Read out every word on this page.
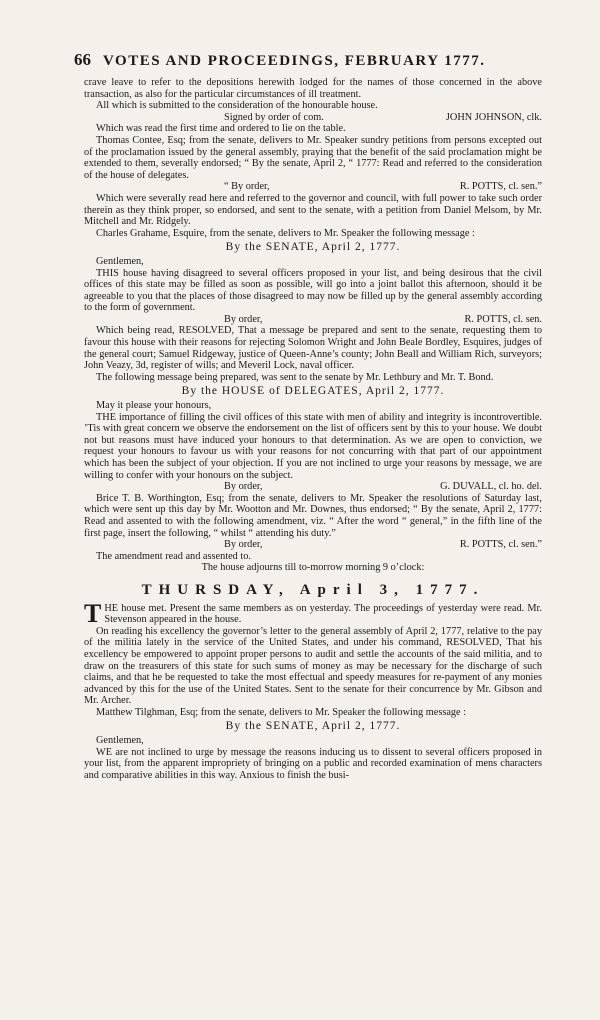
66 VOTES AND PROCEEDINGS, FEBRUARY 1777.

crave leave to refer to the depositions herewith lodged for the names of those concerned in the above transaction, as also for the particular circumstances of ill treatment.

All which is submitted to the consideration of the honourable house.

Signed by order of com.	JOHN JOHNSON, clk.

Which was read the first time and ordered to lie on the table.

Thomas Contee, Esq; from the senate, delivers to Mr. Speaker sundry petitions from persons excepted out of the proclamation issued by the general assembly, praying that the benefit of the said proclamation might be extended to them, severally endorsed; “ By the senate, April 2, “ 1777: Read and referred to the consideration of the house of delegates.

“ By order,	R. POTTS, cl. sen.”

Which were severally read here and referred to the governor and council, with full power to take such order therein as they think proper, so endorsed, and sent to the senate, with a petition from Daniel Melsom, by Mr. Mitchell and Mr. Ridgely.

Charles Grahame, Esquire, from the senate, delivers to Mr. Speaker the following message :

By the SENATE, April 2, 1777.

Gentlemen,

THIS house having disagreed to several officers proposed in your list, and being desirous that the civil offices of this state may be filled as soon as possible, will go into a joint ballot this afternoon, should it be agreeable to you that the places of those disagreed to may now be filled up by the general assembly according to the form of government.

By order,	R. POTTS, cl. sen.

Which being read, RESOLVED, That a message be prepared and sent to the senate, requesting them to favour this house with their reasons for rejecting Solomon Wright and John Beale Bordley, Esquires, judges of the general court; Samuel Ridgeway, justice of Queen-Anne’s county; John Beall and William Rich, surveyors; John Veazy, 3d, register of wills; and Meveril Lock, naval officer.

The following message being prepared, was sent to the senate by Mr. Lethbury and Mr. T. Bond.

By the HOUSE of DELEGATES, April 2, 1777.

May it please your honours,

THE importance of filling the civil offices of this state with men of ability and integrity is incontrovertible. ’Tis with great concern we observe the endorsement on the list of officers sent by this to your house. We doubt not but reasons must have induced your honours to that determination. As we are open to conviction, we request your honours to favour us with your reasons for not concurring with that part of our appointment which has been the subject of your objection. If you are not inclined to urge your reasons by message, we are willing to confer with your honours on the subject.

By order,	G. DUVALL, cl. ho. del.

Brice T. B. Worthington, Esq; from the senate, delivers to Mr. Speaker the resolutions of Saturday last, which were sent up this day by Mr. Wootton and Mr. Downes, thus endorsed; “ By the senate, April 2, 1777: Read and assented to with the following amendment, viz. “ After the word “ general,” in the fifth line of the first page, insert the following, “ whilst “ attending his duty.”

By order,	R. POTTS, cl. sen.”

The amendment read and assented to.

The house adjourns till to-morrow morning 9 o’clock:

THURSDAY, April 3, 1777.

THE house met. Present the same members as on yesterday. The proceedings of yesterday were read. Mr. Stevenson appeared in the house.

On reading his excellency the governor’s letter to the general assembly of April 2, 1777, relative to the pay of the militia lately in the service of the United States, and under his command, RESOLVED, That his excellency be empowered to appoint proper persons to audit and settle the accounts of the said militia, and to draw on the treasurers of this state for such sums of money as may be necessary for the discharge of such claims, and that he be requested to take the most effectual and speedy measures for re-payment of any monies advanced by this for the use of the United States. Sent to the senate for their concurrence by Mr. Gibson and Mr. Archer.

Matthew Tilghman, Esq; from the senate, delivers to Mr. Speaker the following message :

By the SENATE, April 2, 1777.

Gentlemen,

WE are not inclined to urge by message the reasons inducing us to dissent to several officers proposed in your list, from the apparent impropriety of bringing on a public and recorded examination of mens characters and comparative abilities in this way. Anxious to finish the busi-
